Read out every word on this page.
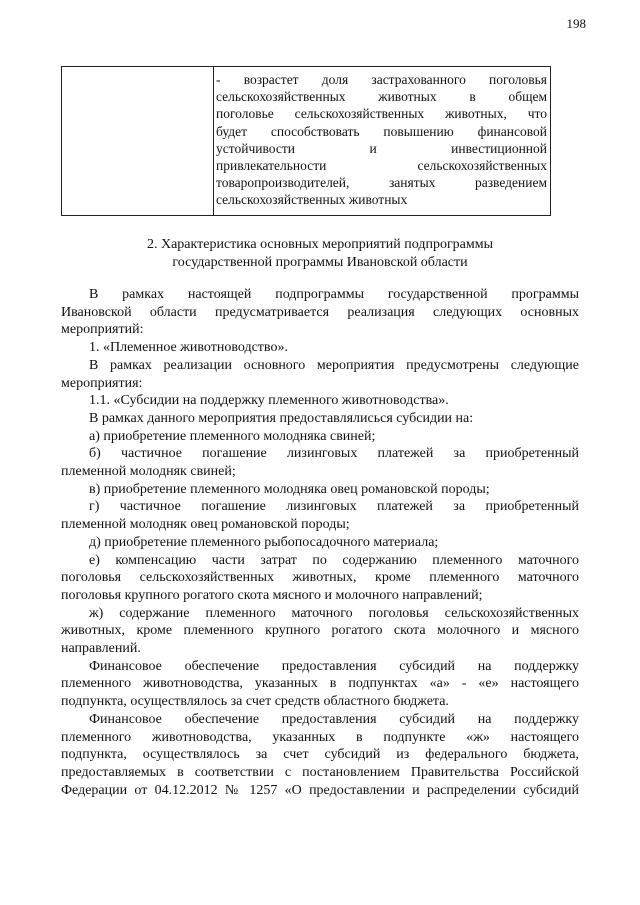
198
- возрастет доля застрахованного поголовья
сельскохозяйственных животных в общем
поголовье сельскохозяйственных животных, что
будет способствовать повышению финансовой
устойчивости и инвестиционной
привлекательности сельскохозяйственных
товаропроизводителей, занятых разведением
сельскохозяйственных животных
2. Характеристика основных мероприятий подпрограммы
государственной программы Ивановской области
В рамках настоящей подпрограммы государственной программы
Ивановской области предусматривается реализация следующих основных
мероприятий:
1. «Племенное животноводство».
В рамках реализации основного мероприятия предусмотрены следующие
мероприятия:
1.1. «Субсидии на поддержку племенного животноводства».
В рамках данного мероприятия предоставлялисься субсидии на:
а) приобретение племенного молодняка свиней;
б) частичное погашение лизинговых платежей за приобретенный
племенной молодняк свиней;
в) приобретение племенного молодняка овец романовской породы;
г) частичное погашение лизинговых платежей за приобретенный
племенной молодняк овец романовской породы;
д) приобретение племенного рыбопосадочного материала;
е) компенсацию части затрат по содержанию племенного маточного
поголовья сельскохозяйственных животных, кроме племенного маточного
поголовья крупного рогатого скота мясного и молочного направлений;
ж) содержание племенного маточного поголовья сельскохозяйственных
животных, кроме племенного крупного рогатого скота молочного и мясного
направлений.
Финансовое обеспечение предоставления субсидий на поддержку
племенного животноводства, указанных в подпунктах «а» - «е» настоящего
подпункта, осуществлялось за счет средств областного бюджета.
Финансовое обеспечение предоставления субсидий на поддержку
племенного животноводства, указанных в подпункте «ж» настоящего
подпункта, осуществлялось за счет субсидий из федерального бюджета,
предоставляемых в соответствии с постановлением Правительства Российской
Федерации от 04.12.2012 № 1257 «О предоставлении и распределении субсидий
